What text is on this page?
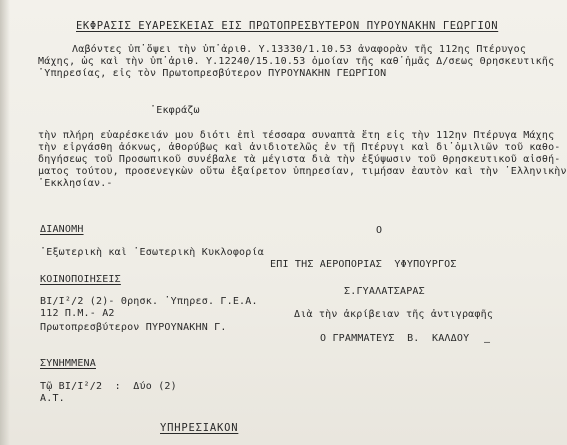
ΕΚΦΡΑΣΙΣ ΕΥΑΡΕΣΚΕΙΑΣ ΕΙΣ ΠΡΩΤΟΠΡΕΣΒΥΤΕΡΟΝ ΠΥΡΟΥΝΑΚΗΝ ΓΕΩΡΓΙΟΝ
Λαβόντες ὑπ᾽ὄψει τὴν ὑπ᾽ἀριθ. Υ.13330/1.10.53 ἀναφορὰν τῆς 112ης Πτέρυγος
Μάχης, ὡς καὶ τὴν ὑπ᾽ἀριθ. Υ.12240/15.10.53 ὁμοίαν τῆς καθ᾽ἡμᾶς Δ/σεως Θρησκευτικῆς
᾽Υπηρεσίας, εἰς τὸν Πρωτοπρεσβύτερον ΠΥΡΟΥΝΑΚΗΝ ΓΕΩΡΓΙΟΝ
᾽Εκφράζω
τὴν πλήρη εὐαρέσκειάν μου διότι ἐπὶ τέσσαρα συναπτὰ ἔτη εἰς τὴν 112ην Πτέρυγα Μάχης
τὴν εἰργάσθη ἀόκνως, ἀθορύβως καὶ ἀνιδιοτελῶς ἐν τῇ Πτέρυγι καὶ δι᾽ὁμιλιῶν τοῦ καθο-
δηγήσεως τοῦ Προσωπικοῦ συνέβαλε τὰ μέγιστα διὰ τὴν ἐξύψωσιν τοῦ θρησκευτικοῦ αἰσθή-
ματος τούτου, προσενεγκὼν οὕτω ἐξαίρετον ὑπηρεσίαν, τιμήσαν ἑαυτὸν καὶ τὴν ᾽Ελληνικὴν
᾽Εκκλησίαν.-
ΔΙΑΝΟΜΗ
᾽Εξωτερικὴ καὶ ᾽Εσωτερικὴ Κυκλοφορία
Ο
ΕΠΙ ΤΗΣ ΑΕΡΟΠΟΡΙΑΣ  ΥΦΥΠΟΥΡΓΟΣ
ΚΟΙΝΟΠΟΙΗΣΕΙΣ
ΒΙ/Ι²/2 (2)- Θρησκ. ᾽Υπηρεσ. Γ.Ε.Α.
112 Π.Μ.- Α2
Πρωτοπρεσβύτερον ΠΥΡΟΥΝΑΚΗΝ Γ.
Σ.ΓΥΑΛΑΤΣΑΡΑΣ
Διὰ τὴν ἀκρίβειαν τῆς ἀντιγραφῆς
Ο ΓΡΑΜΜΑΤΕΥΣ  Β.  ΚΑΛΔΟΥ –
ΣΥΝΗΜΜΕΝΑ
Τῷ ΒΙ/Ι²/2  :  Δύο (2)
Α.Τ.
ΥΠΗΡΕΣΙΑΚΟΝ
